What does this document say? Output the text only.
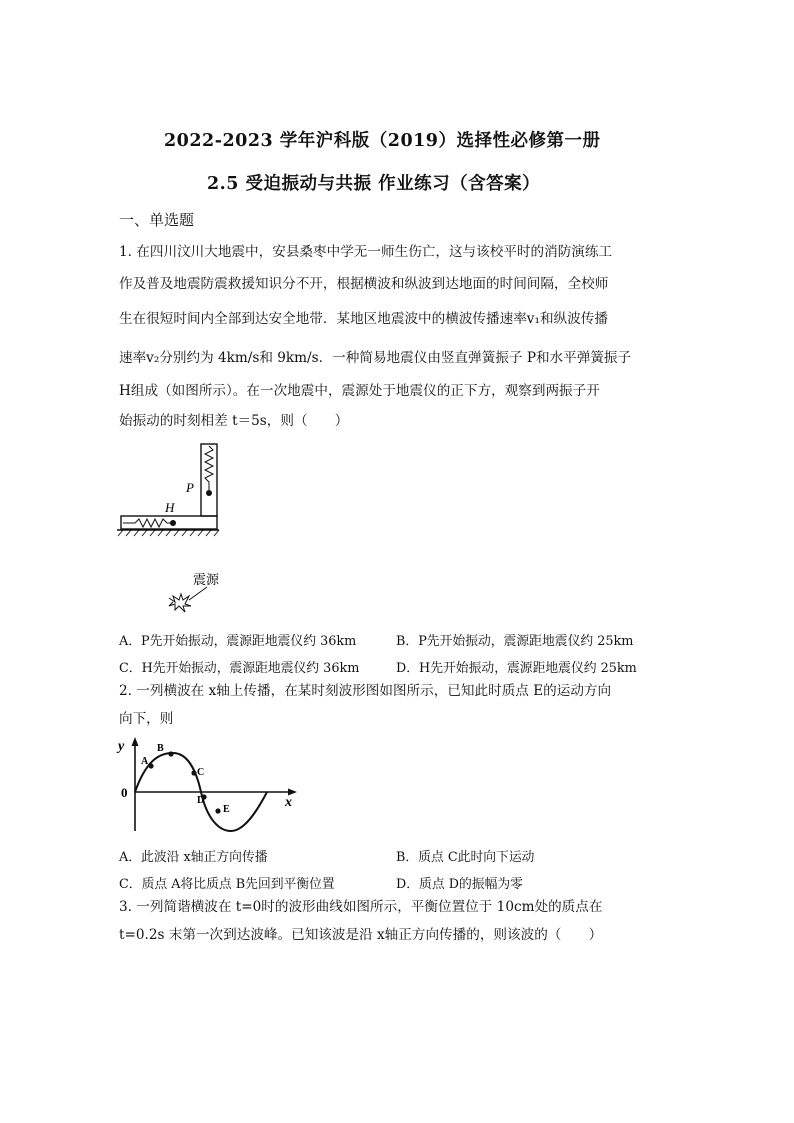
2022-2023 学年沪科版（2019）选择性必修第一册
2.5 受迫振动与共振 作业练习（含答案）
一、单选题
1. 在四川汶川大地震中，安县桑枣中学无一师生伤亡，这与该校平时的消防演练工
作及普及地震防震救援知识分不开，根据横波和纵波到达地面的时间间隔，全校师
生在很短时间内全部到达安全地带．某地区地震波中的横波传播速率v₁和纵波传播
速率v₂分别约为 4km/s和 9km/s．一种简易地震仪由竖直弹簧振子 P和水平弹簧振子
H组成（如图所示）。在一次地震中，震源处于地震仪的正下方，观察到两振子开
始振动的时刻相差 t＝5s，则（　　）
P
H
震源
A．P先开始振动，震源距地震仪约 36km	B．P先开始振动，震源距地震仪约 25km
C．H先开始振动，震源距地震仪约 36km	D．H先开始振动，震源距地震仪约 25km
2. 一列横波在 x轴上传播，在某时刻波形图如图所示，已知此时质点 E的运动方向
向下，则
y
x
0
A
B
C
D
E
A．此波沿 x轴正方向传播	B．质点 C此时向下运动
C．质点 A将比质点 B先回到平衡位置	D．质点 D的振幅为零
3. 一列简谐横波在 t=0时的波形曲线如图所示，平衡位置位于 10cm处的质点在
t=0.2s 末第一次到达波峰。已知该波是沿 x轴正方向传播的，则该波的（　　）
